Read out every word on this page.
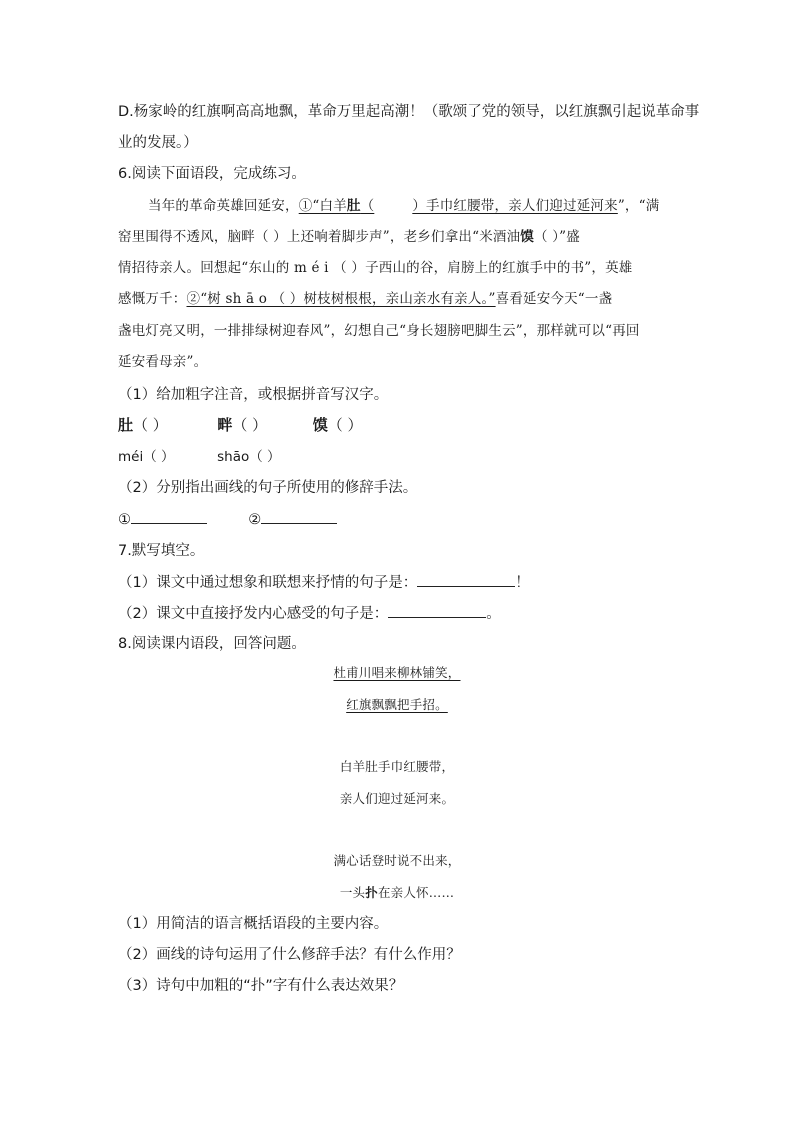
D.杨家岭的红旗啊高高地飘，革命万里起高潮！（歌颂了党的领导，以红旗飘引起说革命事
业的发展。）
6.阅读下面语段，完成练习。
当年的革命英雄回延安，①“白羊肚（	）手巾红腰带，亲人们迎过延河来”，“满
窑里围得不透风，脑畔（ ）上还响着脚步声”，老乡们拿出“米酒油馍（ ）”盛
情招待亲人。回想起“东山的 m é i （ ）子西山的谷，肩膀上的红旗手中的书”，英雄
感慨万千：②“树 sh ā o （ ）树枝树根根，亲山亲水有亲人。”喜看延安今天“一盏
盏电灯亮又明，一排排绿树迎春风”，幻想自己“身长翅膀吧脚生云”，那样就可以“再回
延安看母亲”。
（1）给加粗字注音，或根据拼音写汉字。
肚（ ）	畔（ ）	馍（ ）
méi（ ）	shāo（ ）
（2）分别指出画线的句子所使用的修辞手法。
①	②
7.默写填空。
（1）课文中通过想象和联想来抒情的句子是：	！
（2）课文中直接抒发内心感受的句子是：	。
8.阅读课内语段，回答问题。
杜甫川唱来柳林铺笑，
红旗飘飘把手招。
白羊肚手巾红腰带，
亲人们迎过延河来。
满心话登时说不出来，
一头扑在亲人怀……
（1）用简洁的语言概括语段的主要内容。
（2）画线的诗句运用了什么修辞手法？有什么作用？
（3）诗句中加粗的“扑”字有什么表达效果？
